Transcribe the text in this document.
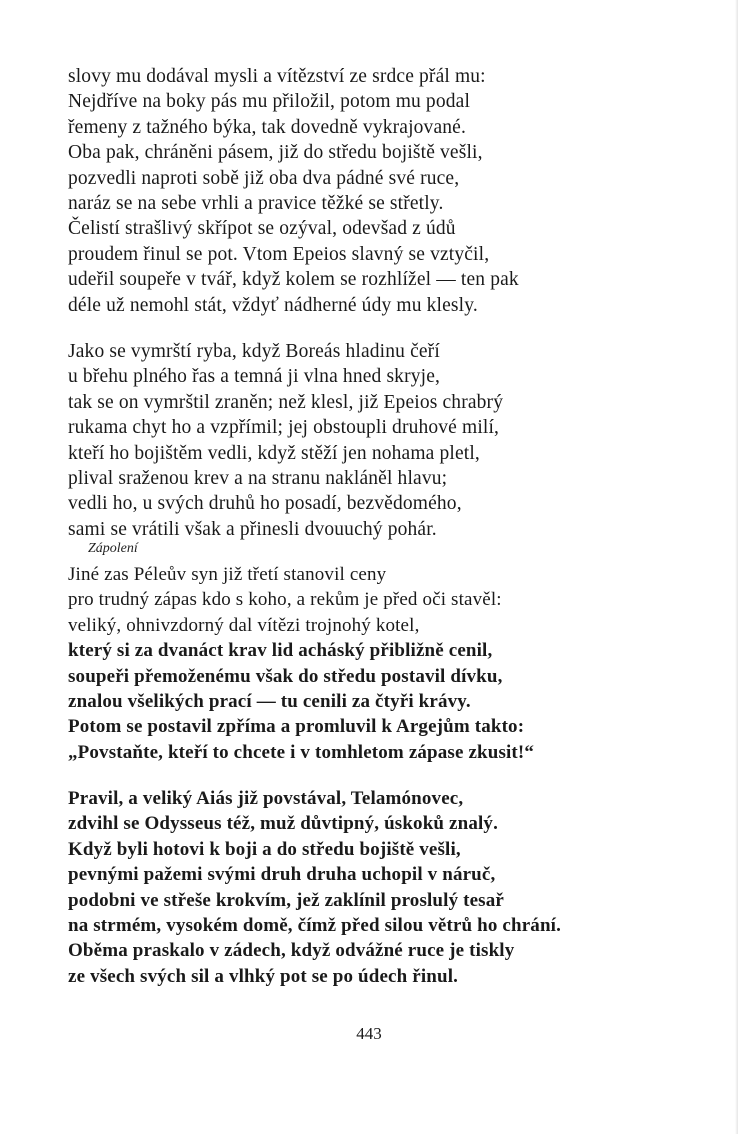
slovy mu dodával mysli a vítězství ze srdce přál mu:
Nejdříve na boky pás mu přiložil, potom mu podal
řemeny z tažného býka, tak dovedně vykrajované.
Oba pak, chráněni pásem, již do středu bojiště vešli,
pozvedli naproti sobě již oba dva pádné své ruce,
naráz se na sebe vrhli a pravice těžké se střetly.
Čelistí strašlivý skřípot se ozýval, odevšad z údů
proudem řinul se pot. Vtom Epeios slavný se vztyčil,
udeřil soupeře v tvář, když kolem se rozhlížel — ten pak
déle už nemohl stát, vždyť nádherné údy mu klesly.
Jako se vymrští ryba, když Boreás hladinu čeří
u břehu plného řas a temná ji vlna hned skryje,
tak se on vymrštil zraněn; než klesl, již Epeios chrabrý
rukama chyt ho a vzpřímil; jej obstoupli druhové milí,
kteří ho bojištěm vedli, když stěží jen nohama pletl,
plival sraženou krev a na stranu nakláněl hlavu;
vedli ho, u svých druhů ho posadí, bezvědomého,
sami se vrátili však a přinesli dvouuchý pohár.
Zápolení
Jiné zas Péleův syn již třetí stanovil ceny
pro trudný zápas kdo s koho, a rekům je před oči stavěl:
veliký, ohnivzdorný dal vítězi trojnohý kotel,
který si za dvanáct krav lid acháský přibližně cenil,
soupeři přemoženému však do středu postavil dívku,
znalou všelikých prací — tu cenili za čtyři krávy.
Potom se postavil zpříma a promluvil k Argejům takto:
„Povstaňte, kteří to chcete i v tomhletom zápase zkusit!“
Pravil, a veliký Aiás již povstával, Telamónovec,
zdvihl se Odysseus též, muž důvtipný, úskoků znalý.
Když byli hotovi k boji a do středu bojiště vešli,
pevnými pažemi svými druh druha uchopil v náruč,
podobni ve střeše krokvím, jež zaklínil proslulý tesař
na strmém, vysokém domě, čímž před silou větrů ho chrání.
Oběma praskalo v zádech, když odvážné ruce je tiskly
ze všech svých sil a vlhký pot se po údech řinul.
443
